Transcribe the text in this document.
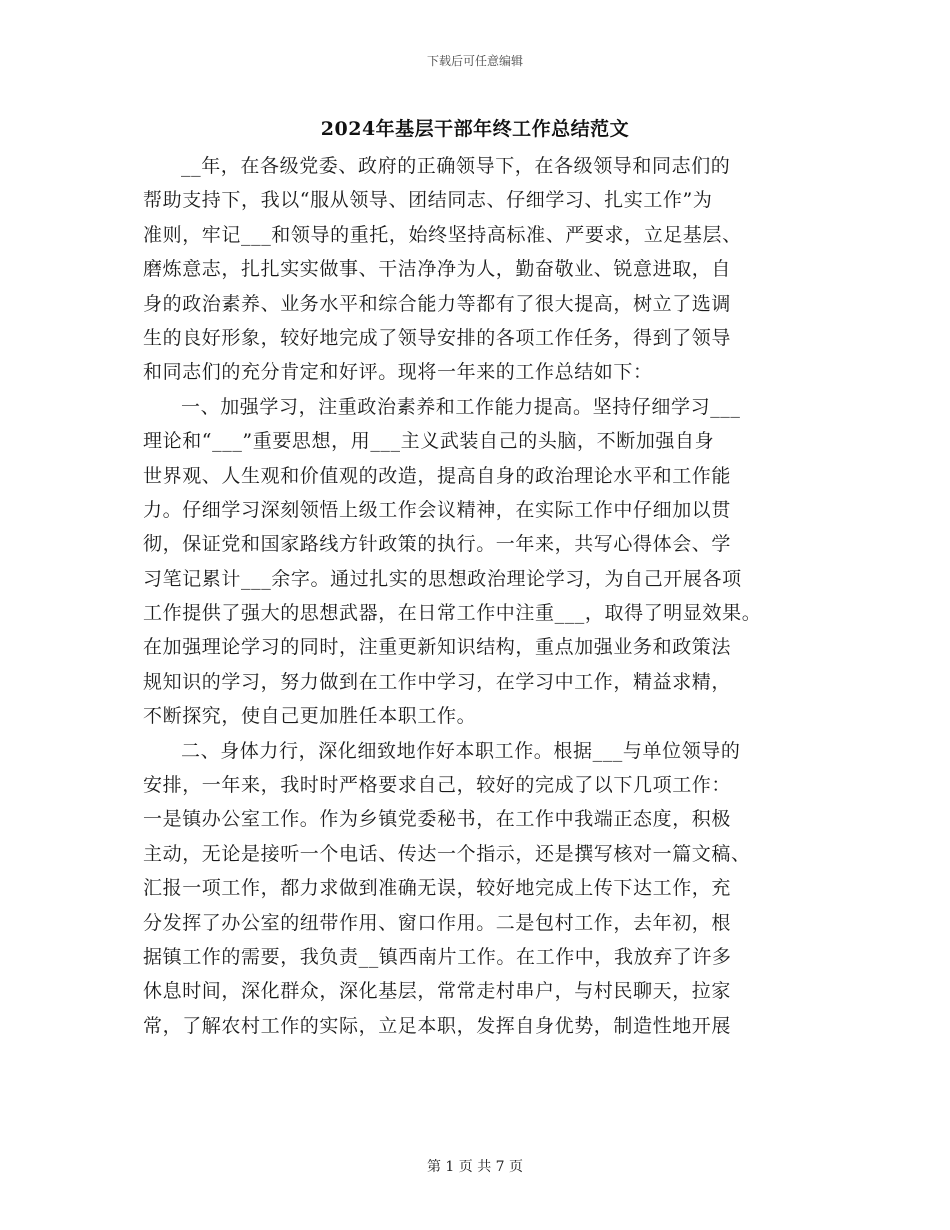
下载后可任意编辑
2024年基层干部年终工作总结范文
__年，在各级党委、政府的正确领导下，在各级领导和同志们的
帮助支持下，我以“服从领导、团结同志、仔细学习、扎实工作”为
准则，牢记___和领导的重托，始终坚持高标准、严要求，立足基层、
磨炼意志，扎扎实实做事、干洁净净为人，勤奋敬业、锐意进取，自
身的政治素养、业务水平和综合能力等都有了很大提高，树立了选调
生的良好形象，较好地完成了领导安排的各项工作任务，得到了领导
和同志们的充分肯定和好评。现将一年来的工作总结如下：
一、加强学习，注重政治素养和工作能力提高。坚持仔细学习___
理论和“___”重要思想，用___主义武装自己的头脑，不断加强自身
世界观、人生观和价值观的改造，提高自身的政治理论水平和工作能
力。仔细学习深刻领悟上级工作会议精神，在实际工作中仔细加以贯
彻，保证党和国家路线方针政策的执行。一年来，共写心得体会、学
习笔记累计___余字。通过扎实的思想政治理论学习，为自己开展各项
工作提供了强大的思想武器，在日常工作中注重___，取得了明显效果。
在加强理论学习的同时，注重更新知识结构，重点加强业务和政策法
规知识的学习，努力做到在工作中学习，在学习中工作，精益求精，
不断探究，使自己更加胜任本职工作。
二、身体力行，深化细致地作好本职工作。根据___与单位领导的
安排，一年来，我时时严格要求自己，较好的完成了以下几项工作：
一是镇办公室工作。作为乡镇党委秘书，在工作中我端正态度，积极
主动，无论是接听一个电话、传达一个指示，还是撰写核对一篇文稿、
汇报一项工作，都力求做到准确无误，较好地完成上传下达工作，充
分发挥了办公室的纽带作用、窗口作用。二是包村工作，去年初，根
据镇工作的需要，我负责__镇西南片工作。在工作中，我放弃了许多
休息时间，深化群众，深化基层，常常走村串户，与村民聊天，拉家
常，了解农村工作的实际，立足本职，发挥自身优势，制造性地开展
第 1 页 共 7 页
